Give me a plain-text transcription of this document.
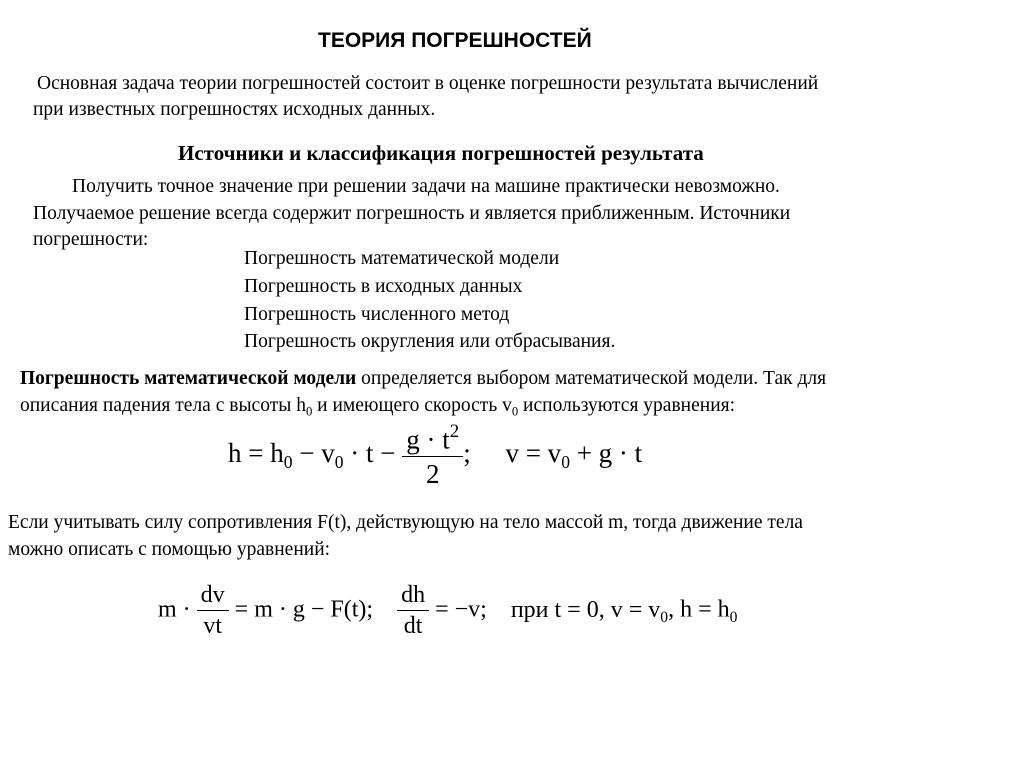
ТЕОРИЯ ПОГРЕШНОСТЕЙ
Основная задача теории погрешностей состоит в оценке погрешности результата вычислений
при известных погрешностях исходных данных.
Источники и классификация погрешностей результата
Получить точное значение при решении задачи на машине практически невозможно.
Получаемое решение всегда содержит погрешность и является приближенным. Источники
погрешности:
Погрешность математической модели
Погрешность в исходных данных
Погрешность численного метод
Погрешность округления или отбрасывания.
Погрешность математической модели определяется выбором математической модели. Так для
описания падения тела с высоты $h_0$ и имеющего скорость $v_0$ используются уравнения:
$h = h_0 - v_0 \cdot t - \frac{g \cdot t^2}{2}$ ; $v = v_0 + g \cdot t$
Если учитывать силу сопротивления F(t), действующую на тело массой m, тогда движение тела
можно описать с помощью уравнений:
$m \cdot \frac{dv}{vt} = m \cdot g - F(t)$; $\frac{dh}{dt} = -v$; при t = 0, $v = v_0$, $h = h_0$
